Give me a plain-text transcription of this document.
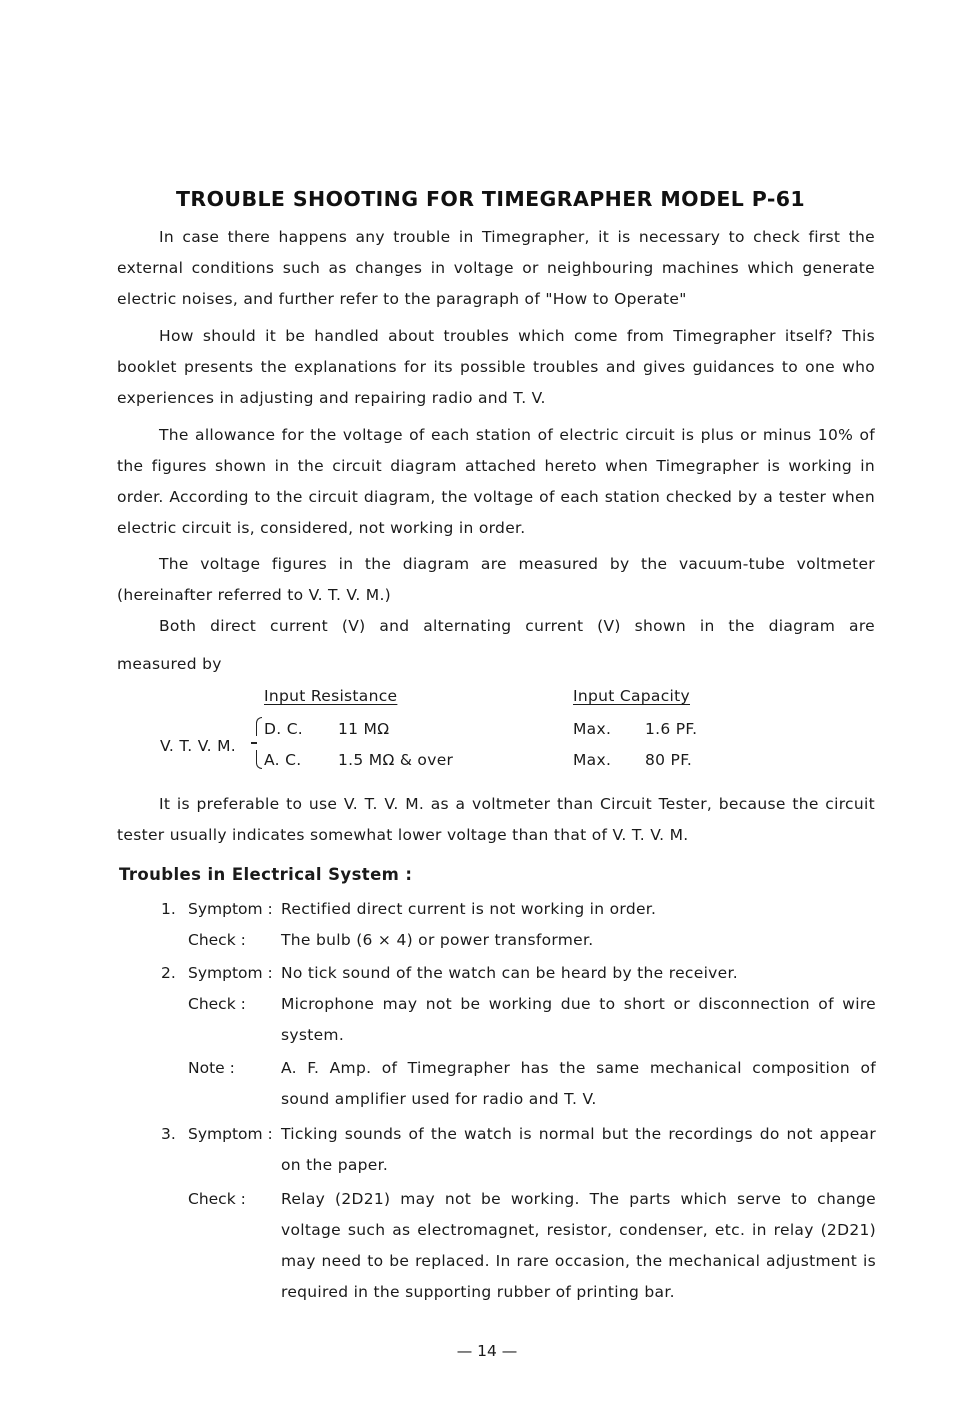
TROUBLE SHOOTING FOR TIMEGRAPHER MODEL P-61

In case there happens any trouble in Timegrapher, it is necessary to check first the external conditions such as changes in voltage or neighbouring machines which generate electric noises, and further refer to the paragraph of "How to Operate"

How should it be handled about troubles which come from Timegrapher itself? This booklet presents the explanations for its possible troubles and gives guidances to one who experiences in adjusting and repairing radio and T. V.

The allowance for the voltage of each station of electric circuit is plus or minus 10% of the figures shown in the circuit diagram attached hereto when Timegrapher is working in order. According to the circuit diagram, the voltage of each station checked by a tester when electric circuit is, considered, not working in order.

The voltage figures in the diagram are measured by the vacuum-tube voltmeter (hereinafter referred to V. T. V. M.)

Both direct current (V) and alternating current (V) shown in the diagram are

measured by
Input Resistance	Input Capacity
V. T. V. M.
D. C. 11 MΩ	Max. 1.6 PF.
A. C. 1.5 MΩ & over	Max. 80 PF.

It is preferable to use V. T. V. M. as a voltmeter than Circuit Tester, because the circuit tester usually indicates somewhat lower voltage than that of V. T. V. M.

Troubles in Electrical System :
1. Symptom : Rectified direct current is not working in order.

Check : The bulb (6 × 4) or power transformer.

2. Symptom : No tick sound of the watch can be heard by the receiver.

Check : Microphone may not be working due to short or disconnection of wire system.

Note :	A. F. Amp. of Timegrapher has the same mechanical composition of sound amplifier used for radio and T. V.

3. Symptom : Ticking sounds of the watch is normal but the recordings do not appear on the paper.

Check : Relay (2D21) may not be working. The parts which serve to change voltage such as electromagnet, resistor, condenser, etc. in relay (2D21) may need to be replaced. In rare occasion, the mechanical adjustment is required in the supporting rubber of printing bar.

— 14 —
